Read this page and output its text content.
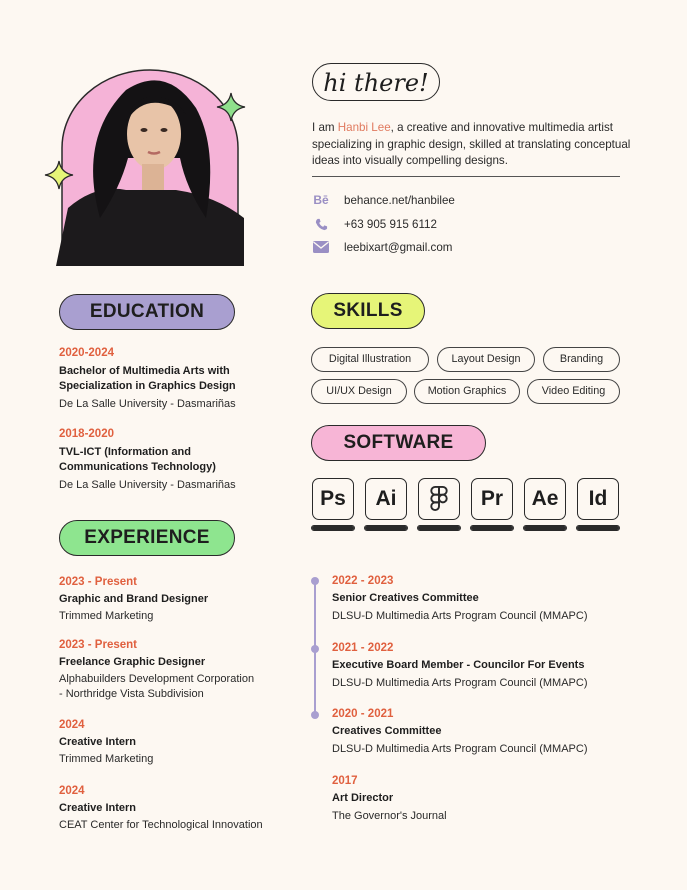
hi there!
I am Hanbi Lee, a creative and innovative multimedia artist specializing in graphic design, skilled at translating conceptual ideas into visually compelling designs.
Bē behance.net/hanbilee
+63 905 915 6112
leebixart@gmail.com
EDUCATION
2020-2024
Bachelor of Multimedia Arts with
Specialization in Graphics Design
De La Salle University - Dasmariñas
2018-2020
TVL-ICT (Information and
Communications Technology)
De La Salle University - Dasmariñas
EXPERIENCE
2023 - Present
Graphic and Brand Designer
Trimmed Marketing
2023 - Present
Freelance Graphic Designer
Alphabuilders Development Corporation
- Northridge Vista Subdivision
2024
Creative Intern
Trimmed Marketing
2024
Creative Intern
CEAT Center for Technological Innovation
SKILLS
Digital Illustration	Layout Design	Branding
UI/UX Design	Motion Graphics	Video Editing
SOFTWARE
Ps	Ai	Pr	Ae	Id
2022 - 2023
Senior Creatives Committee
DLSU-D Multimedia Arts Program Council (MMAPC)
2021 - 2022
Executive Board Member - Councilor For Events
DLSU-D Multimedia Arts Program Council (MMAPC)
2020 - 2021
Creatives Committee
DLSU-D Multimedia Arts Program Council (MMAPC)
2017
Art Director
The Governor's Journal
